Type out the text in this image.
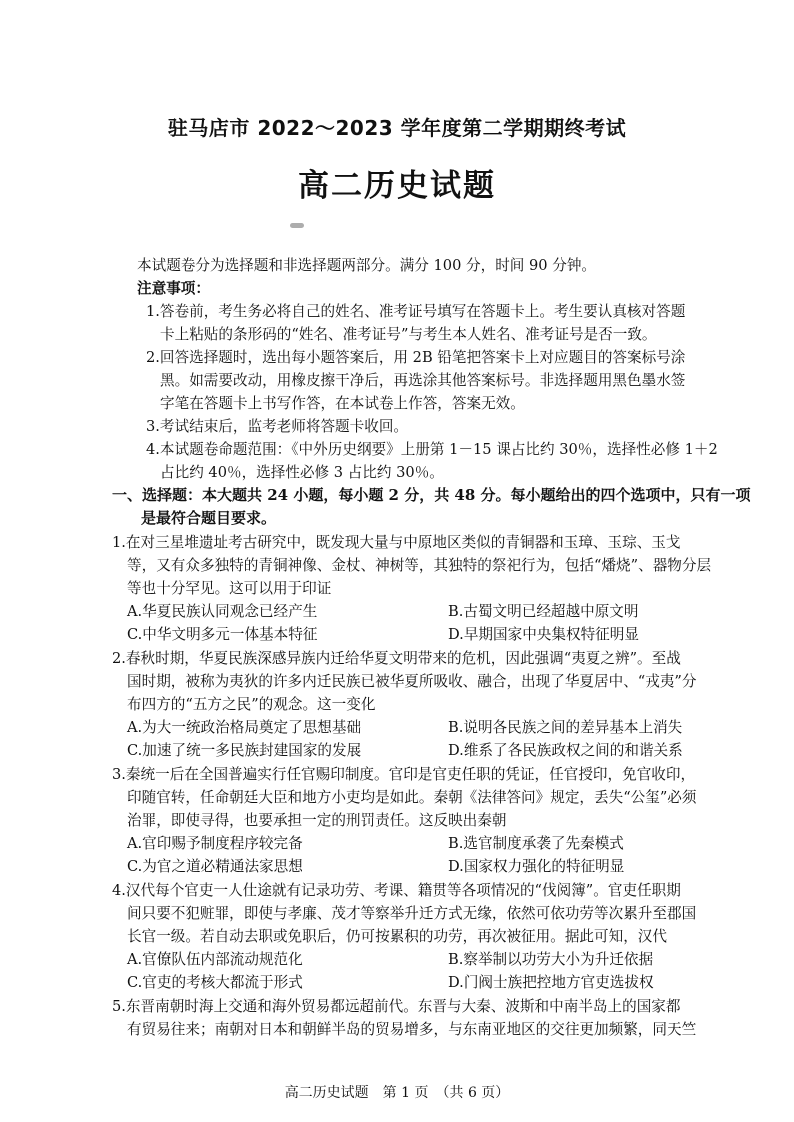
驻马店市 2022～2023 学年度第二学期期终考试
高二历史试题
本试题卷分为选择题和非选择题两部分。满分 100 分，时间 90 分钟。
注意事项：
1.答卷前，考生务必将自己的姓名、准考证号填写在答题卡上。考生要认真核对答题
卡上粘贴的条形码的“姓名、准考证号”与考生本人姓名、准考证号是否一致。
2.回答选择题时，选出每小题答案后，用 2B 铅笔把答案卡上对应题目的答案标号涂
黑。如需要改动，用橡皮擦干净后，再选涂其他答案标号。非选择题用黑色墨水签
字笔在答题卡上书写作答，在本试卷上作答，答案无效。
3.考试结束后，监考老师将答题卡收回。
4.本试题卷命题范围：《中外历史纲要》上册第 1－15 课占比约 30％，选择性必修 1＋2
占比约 40％，选择性必修 3 占比约 30％。
一、选择题：本大题共 24 小题，每小题 2 分，共 48 分。每小题给出的四个选项中，只有一项
是最符合题目要求。
1.在对三星堆遗址考古研究中，既发现大量与中原地区类似的青铜器和玉璋、玉琮、玉戈
等，又有众多独特的青铜神像、金杖、神树等，其独特的祭祀行为，包括“燔烧”、器物分层
等也十分罕见。这可以用于印证
A.华夏民族认同观念已经产生	B.古蜀文明已经超越中原文明
C.中华文明多元一体基本特征	D.早期国家中央集权特征明显
2.春秋时期，华夏民族深感异族内迁给华夏文明带来的危机，因此强调“夷夏之辨”。至战
国时期，被称为夷狄的许多内迁民族已被华夏所吸收、融合，出现了华夏居中、“戎夷”分
布四方的“五方之民”的观念。这一变化
A.为大一统政治格局奠定了思想基础	B.说明各民族之间的差异基本上消失
C.加速了统一多民族封建国家的发展	D.维系了各民族政权之间的和谐关系
3.秦统一后在全国普遍实行任官赐印制度。官印是官吏任职的凭证，任官授印，免官收印，
印随官转，任命朝廷大臣和地方小吏均是如此。秦朝《法律答问》规定，丢失“公玺”必须
治罪，即使寻得，也要承担一定的刑罚责任。这反映出秦朝
A.官印赐予制度程序较完备	B.选官制度承袭了先秦模式
C.为官之道必精通法家思想	D.国家权力强化的特征明显
4.汉代每个官吏一人仕途就有记录功劳、考课、籍贯等各项情况的“伐阅簿”。官吏任职期
间只要不犯赃罪，即使与孝廉、茂才等察举升迁方式无缘，依然可依功劳等次累升至郡国
长官一级。若自动去职或免职后，仍可按累积的功劳，再次被征用。据此可知，汉代
A.官僚队伍内部流动规范化	B.察举制以功劳大小为升迁依据
C.官吏的考核大都流于形式	D.门阀士族把控地方官吏选拔权
5.东晋南朝时海上交通和海外贸易都远超前代。东晋与大秦、波斯和中南半岛上的国家都
有贸易往来；南朝对日本和朝鲜半岛的贸易增多，与东南亚地区的交往更加频繁，同天竺
高二历史试题　第 1 页　（共 6 页）
